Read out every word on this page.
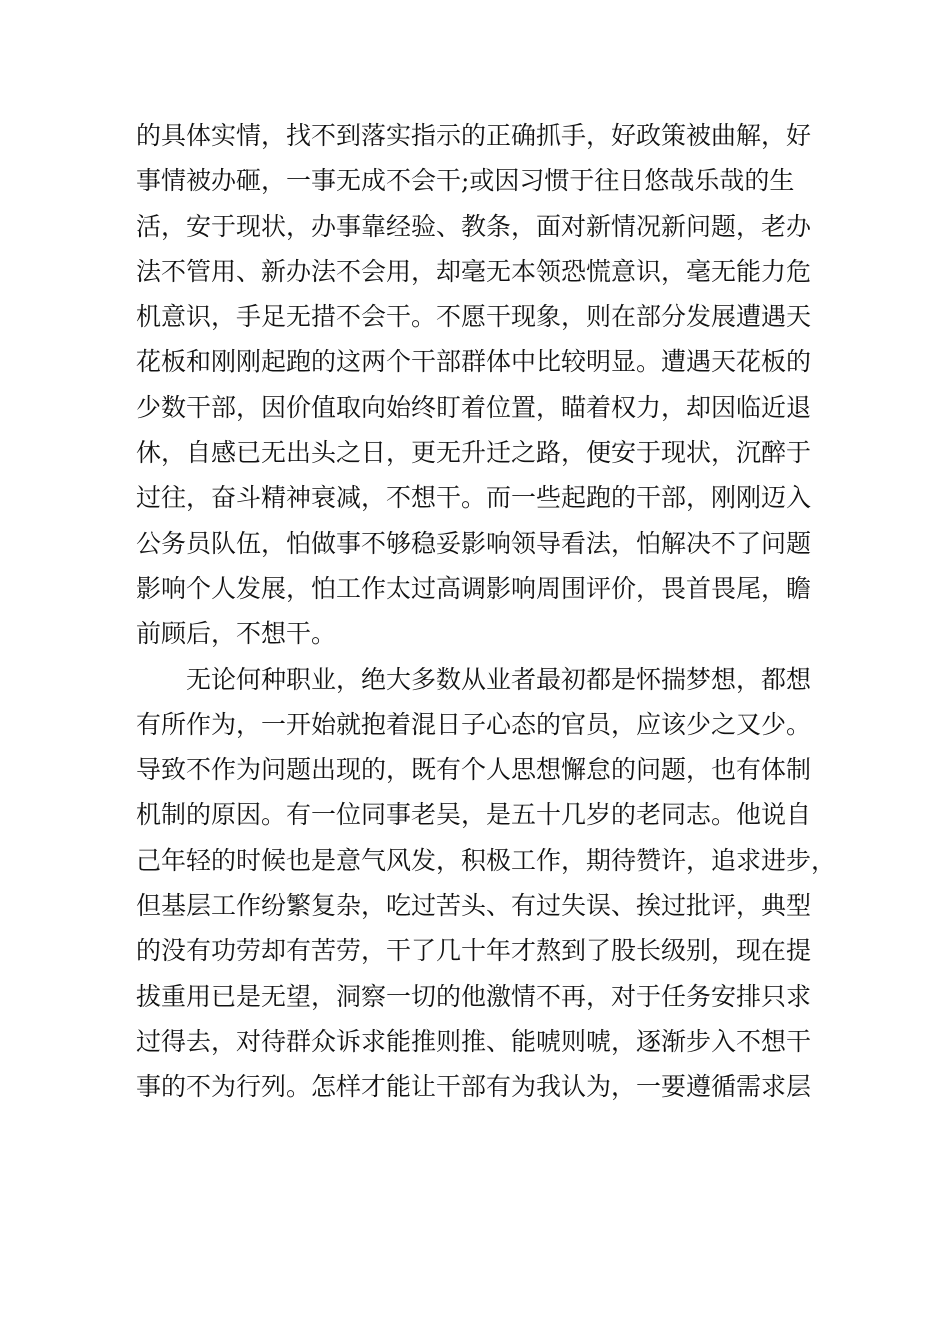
的具体实情，找不到落实指示的正确抓手，好政策被曲解，好
事情被办砸，一事无成不会干;或因习惯于往日悠哉乐哉的生
活，安于现状，办事靠经验、教条，面对新情况新问题，老办
法不管用、新办法不会用，却毫无本领恐慌意识，毫无能力危
机意识，手足无措不会干。不愿干现象，则在部分发展遭遇天
花板和刚刚起跑的这两个干部群体中比较明显。遭遇天花板的
少数干部，因价值取向始终盯着位置，瞄着权力，却因临近退
休，自感已无出头之日，更无升迁之路，便安于现状，沉醉于
过往，奋斗精神衰减，不想干。而一些起跑的干部，刚刚迈入
公务员队伍，怕做事不够稳妥影响领导看法，怕解决不了问题
影响个人发展，怕工作太过高调影响周围评价，畏首畏尾，瞻
前顾后，不想干。
无论何种职业，绝大多数从业者最初都是怀揣梦想，都想
有所作为，一开始就抱着混日子心态的官员，应该少之又少。
导致不作为问题出现的，既有个人思想懈怠的问题，也有体制
机制的原因。有一位同事老吴，是五十几岁的老同志。他说自
己年轻的时候也是意气风发，积极工作，期待赞许，追求进步，
但基层工作纷繁复杂，吃过苦头、有过失误、挨过批评，典型
的没有功劳却有苦劳，干了几十年才熬到了股长级别，现在提
拔重用已是无望，洞察一切的他激情不再，对于任务安排只求
过得去，对待群众诉求能推则推、能唬则唬，逐渐步入不想干
事的不为行列。怎样才能让干部有为我认为，一要遵循需求层
